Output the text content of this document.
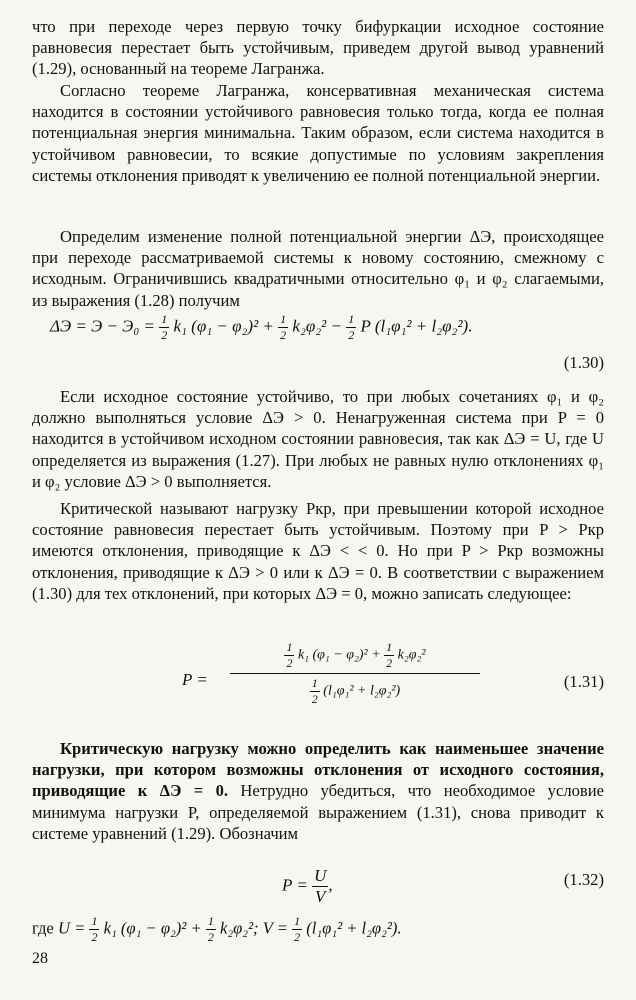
что при переходе через первую точку бифуркации исходное состояние равновесия перестает быть устойчивым, приведем другой вывод уравнений (1.29), основанный на теореме Лагранжа.

Согласно теореме Лагранжа, консервативная механическая система находится в состоянии устойчивого равновесия только тогда, когда ее полная потенциальная энергия минимальна. Таким образом, если система находится в устойчивом равновесии, то всякие допустимые по условиям закрепления системы отклонения приводят к увеличению ее полной потенциальной энергии.

Определим изменение полной потенциальной энергии ΔЭ, происходящее при переходе рассматриваемой системы к новому состоянию, смежному с исходным. Ограничившись квадратичными относительно φ₁ и φ₂ слагаемыми, из выражения (1.28) получим

$\Delta Э = Э - Э_0 = \frac{1}{2} k_1$ $(\varphi_1 - \varphi_2)^2 + \frac{1}{2} k_2\varphi_2^2 - \frac{1}{2}$ P (l₁φ₁² + l₂φ₂²).
(1.30)

Если исходное состояние устойчиво, то при любых сочетаниях φ₁ и φ₂ должно выполняться условие ΔЭ > 0. Ненагруженная система при P = 0 находится в устойчивом исходном состоянии равновесия, так как ΔЭ = U, где U определяется из выражения (1.27). При любых не равных нулю отклонениях φ₁ и φ₂ условие ΔЭ > 0 выполняется.

Критической называют нагрузку Pкр, при превышении которой исходное состояние равновесия перестает быть устойчивым. Поэтому при P > Pкр имеются отклонения, приводящие к ΔЭ < < 0. Но при P > Pкр возможны отклонения, приводящие к ΔЭ > 0 или к ΔЭ = 0. В соответствии с выражением (1.30) для тех отклонений, при которых ΔЭ = 0, можно записать следующее:

$P = \frac{\frac{1}{2} k_1 (\varphi_1 - \varphi_2)^2 + \frac{1}{2} k_2\varphi_2^2}{\frac{1}{2} (l_1\varphi_1^2 + l_2\varphi_2^2)}$	(1.31)

Критическую нагрузку можно определить как наименьшее значение нагрузки, при котором возможны отклонения от исходного состояния, приводящие к ΔЭ = 0. Нетрудно убедиться, что необходимое условие минимума нагрузки P, определяемой выражением (1.31), снова приводит к системе уравнений (1.29). Обозначим

$P = \frac{U}{V}$ ,	(1.32)
где $U = \frac{1}{2} k_1$ $(\varphi_1 - \varphi_2)^2 + \frac{1}{2} k_2\varphi_2^2$; $V = \frac{1}{2} (l_1\varphi_1^2 + l_2\varphi_2^2)$.
28
